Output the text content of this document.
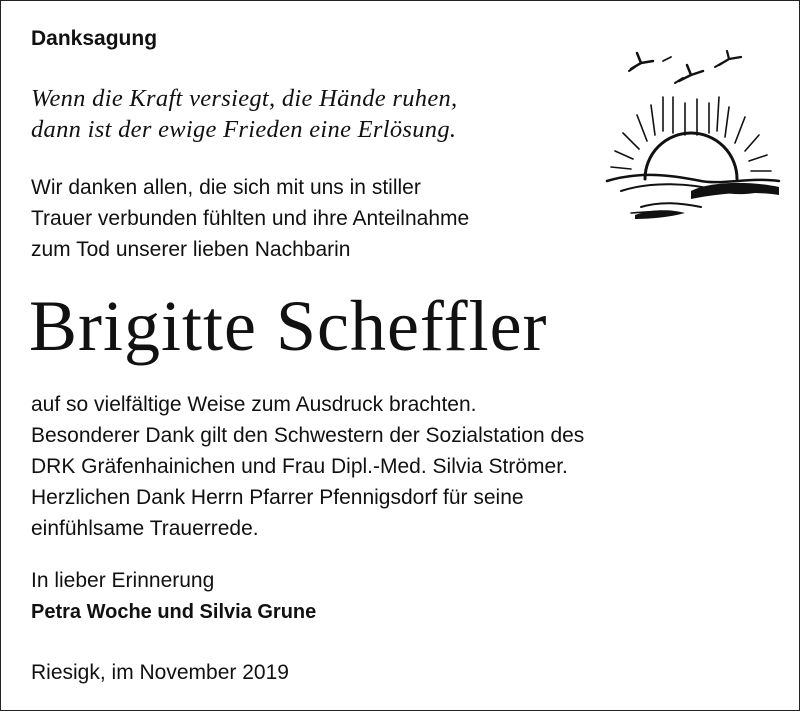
Danksagung
Wenn die Kraft versiegt, die Hände ruhen,
dann ist der ewige Frieden eine Erlösung.
Wir danken allen, die sich mit uns in stiller
Trauer verbunden fühlten und ihre Anteilnahme
zum Tod unserer lieben Nachbarin
Brigitte Scheffler
auf so vielfältige Weise zum Ausdruck brachten.
Besonderer Dank gilt den Schwestern der Sozialstation des
DRK Gräfenhainichen und Frau Dipl.-Med. Silvia Strömer.
Herzlichen Dank Herrn Pfarrer Pfennigsdorf für seine
einfühlsame Trauerrede.
In lieber Erinnerung
Petra Woche und Silvia Grune
Riesigk, im November 2019
